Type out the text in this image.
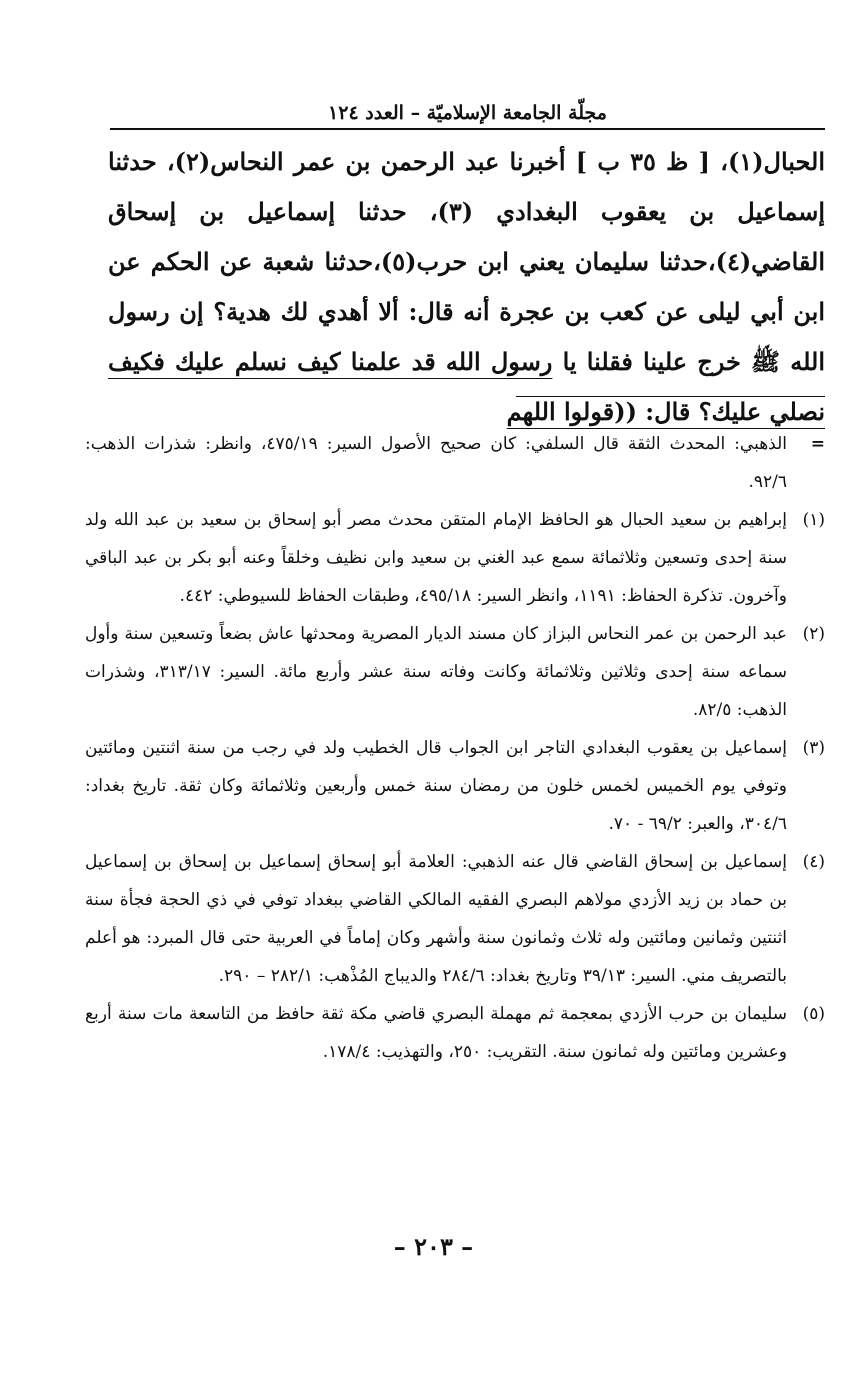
مجلّة الجامعة الإسلاميّة – العدد ١٢٤

الحبال(١)، [ ظ ٣٥ ب ] أخبرنا عبد الرحمن بن عمر النحاس(٢)، حدثنا إسماعيل بن يعقوب البغدادي (٣)، حدثنا إسماعيل بن إسحاق القاضي(٤)،حدثنا سليمان يعني ابن حرب(٥)،حدثنا شعبة عن الحكم عن ابن أبي ليلى عن كعب بن عجرة أنه قال: ألا أهدي لك هدية؟ إن رسول الله ﷺ خرج علينا فقلنا يا رسول الله قد علمنا كيف نسلم عليك فكيف نصلي عليك؟ قال: ((قولوا اللهم

=

الذهبي: المحدث الثقة قال السلفي: كان صحيح الأصول السير: ٤٧٥/١٩، وانظر: شذرات الذهب: ٩٢/٦.

(١)

إبراهيم بن سعيد الحبال هو الحافظ الإمام المتقن محدث مصر أبو إسحاق بن سعيد بن عبد الله ولد سنة إحدى وتسعين وثلاثمائة سمع عبد الغني بن سعيد وابن نظيف وخلقاً وعنه أبو بكر بن عبد الباقي وآخرون. تذكرة الحفاظ: ١١٩١، وانظر السير: ٤٩٥/١٨، وطبقات الحفاظ للسيوطي: ٤٤٢.

(٢)

عبد الرحمن بن عمر النحاس البزاز كان مسند الديار المصرية ومحدثها عاش بضعاً وتسعين سنة وأول سماعه سنة إحدى وثلاثين وثلاثمائة وكانت وفاته سنة عشر وأربع مائة. السير: ٣١٣/١٧، وشذرات الذهب: ٨٢/٥.

(٣)

إسماعيل بن يعقوب البغدادي التاجر ابن الجواب قال الخطيب ولد في رجب من سنة اثنتين ومائتين وتوفي يوم الخميس لخمس خلون من رمضان سنة خمس وأربعين وثلاثمائة وكان ثقة. تاريخ بغداد: ٣٠٤/٦، والعبر: ٦٩/٢ - ٧٠.

(٤)

إسماعيل بن إسحاق القاضي قال عنه الذهبي: العلامة أبو إسحاق إسماعيل بن إسحاق بن إسماعيل بن حماد بن زيد الأزدي مولاهم البصري الفقيه المالكي القاضي ببغداد توفي في ذي الحجة فجأة سنة اثنتين وثمانين ومائتين وله ثلاث وثمانون سنة وأشهر وكان إماماً في العربية حتى قال المبرد: هو أعلم بالتصريف مني. السير: ٣٩/١٣ وتاريخ بغداد: ٢٨٤/٦ والديباج المُذْهب: ٢٨٢/١ – ٢٩٠.

(٥)

سليمان بن حرب الأزدي بمعجمة ثم مهملة البصري قاضي مكة ثقة حافظ من التاسعة مات سنة أربع وعشرين ومائتين وله ثمانون سنة. التقريب: ٢٥٠، والتهذيب: ١٧٨/٤.

– ٢٠٣ –
